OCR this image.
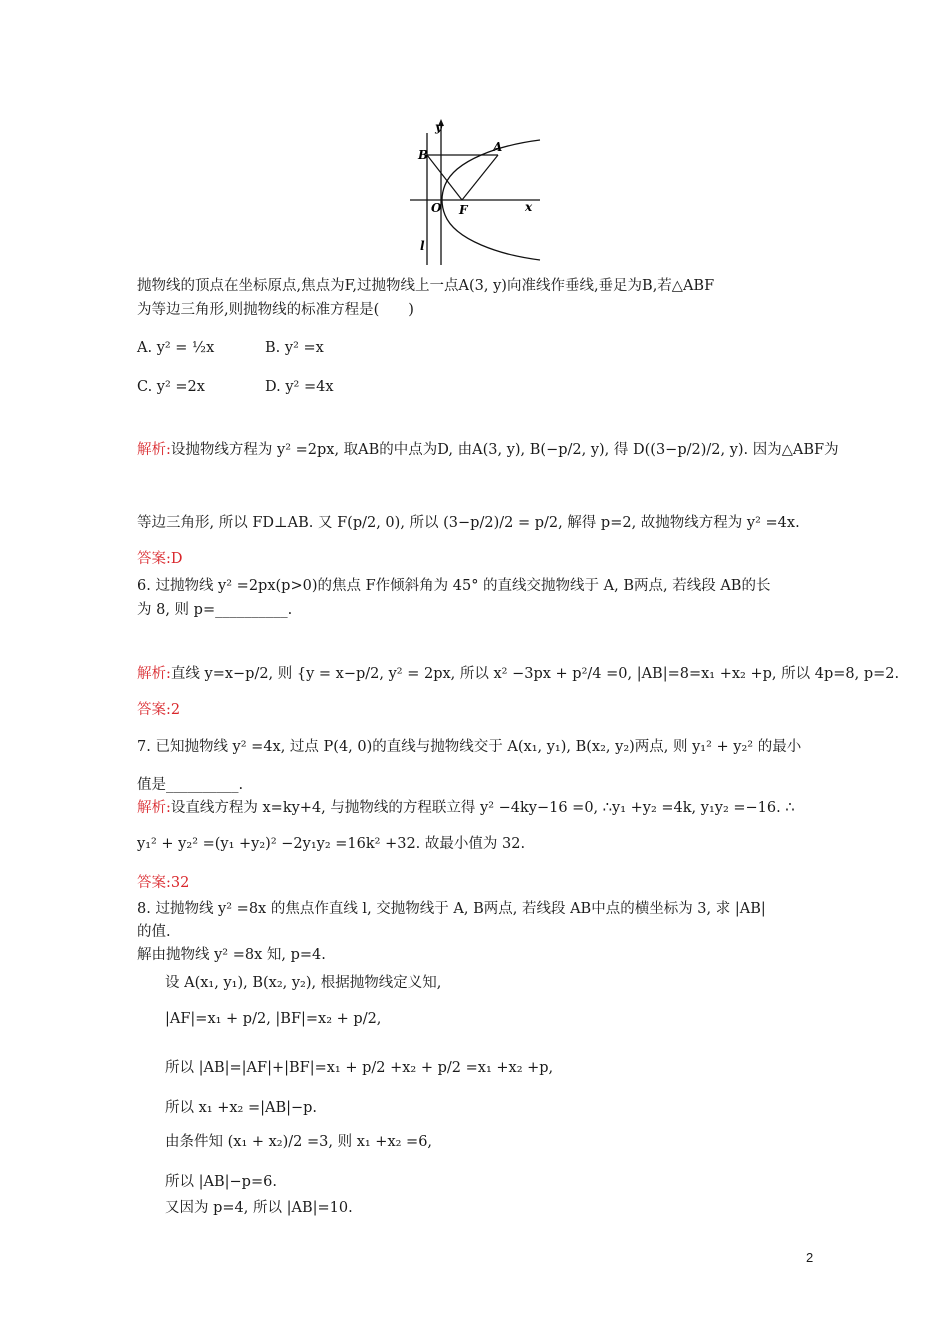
y
x
B
A
O F
l
抛物线的顶点在坐标原点,焦点为F,过抛物线上一点A(3, y)向准线作垂线,垂足为B,若△ABF
为等边三角形,则抛物线的标准方程是(　　)
A. y² = ½x	B. y² =x
C. y² =2x	D. y² =4x
解析:设抛物线方程为 y² =2px, 取AB的中点为D, 由A(3, y), B(−p/2, y), 得 D((3−p/2)/2, y). 因为△ABF为
等边三角形, 所以 FD⊥AB. 又 F(p/2, 0), 所以 (3−p/2)/2 = p/2, 解得 p=2, 故抛物线方程为 y² =4x.
答案:D
6. 过抛物线 y² =2px(p>0)的焦点 F作倾斜角为 45° 的直线交抛物线于 A, B两点, 若线段 AB的长
为 8, 则 p=__________.
解析:直线 y=x−p/2, 则 {y = x−p/2, y² = 2px, 所以 x² −3px + p²/4 =0, |AB|=8=x₁ +x₂ +p, 所以 4p=8, p=2.
答案:2
7. 已知抛物线 y² =4x, 过点 P(4, 0)的直线与抛物线交于 A(x₁, y₁), B(x₂, y₂)两点, 则 y₁² + y₂² 的最小
值是__________.
解析:设直线方程为 x=ky+4, 与抛物线的方程联立得 y² −4ky−16 =0, ∴y₁ +y₂ =4k, y₁y₂ =−16. ∴
y₁² + y₂² =(y₁ +y₂)² −2y₁y₂ =16k² +32. 故最小值为 32.
答案:32
8. 过抛物线 y² =8x 的焦点作直线 l, 交抛物线于 A, B两点, 若线段 AB中点的横坐标为 3, 求 |AB|
的值.
解由抛物线 y² =8x 知, p=4.
设 A(x₁, y₁), B(x₂, y₂), 根据抛物线定义知,
|AF|=x₁ + p/2, |BF|=x₂ + p/2,
所以 |AB|=|AF|+|BF|=x₁ + p/2 +x₂ + p/2 =x₁ +x₂ +p,
所以 x₁ +x₂ =|AB|−p.
由条件知 (x₁ + x₂)/2 =3, 则 x₁ +x₂ =6,
所以 |AB|−p=6.
又因为 p=4, 所以 |AB|=10.
2
